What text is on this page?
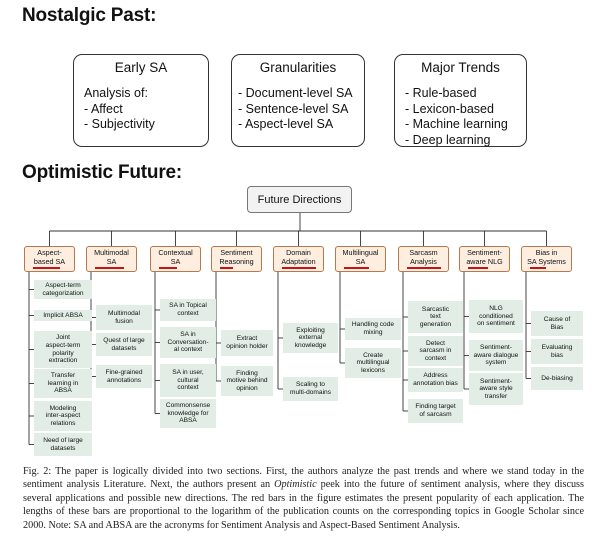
Nostalgic Past:
Early SA
Analysis of:
- Affect
- Subjectivity
Granularities
- Document-level SA
- Sentence-level SA
- Aspect-level SA
Major Trends
- Rule-based
- Lexicon-based
- Machine learning
- Deep learning
Optimistic Future:
Future Directions
Aspect-
based SA
Aspect-term
categorization
Implicit ABSA
Joint
aspect-term
polarity
extraction
Transfer
learning in
ABSA
Modeling
inter-aspect
relations
Need of large
datasets
Multimodal
SA
Multimodal
fusion
Quest of large
datasets
Fine-grained
annotations
Contextual
SA
SA in Topical
context
SA in
Conversation-
al context
SA in user,
cultural
context
Commonsense
knowledge for
ABSA
Sentiment
Reasoning
Extract
opinion holder
Finding
motive behind
opinion
Domain
Adaptation
Exploiting
external
knowledge
Scaling to
multi-domains
Multilingual
SA
Handling code
mixing
Create
multilingual
lexicons
Sarcasm
Analysis
Sarcastic
text
generation
Detect
sarcasm in
context
Address
annotation bias
Finding target
of sarcasm
Sentiment-
aware NLG
NLG
conditioned
on sentiment
Sentiment-
aware dialogue
system
Sentiment-
aware style
transfer
Bias in
SA Systems
Cause of
Bias
Evaluating
bias
De-biasing
Fig. 2: The paper is logically divided into two sections. First, the authors analyze the past trends and where we stand today in the sentiment analysis Literature. Next, the authors present an Optimistic peek into the future of sentiment analysis, where they discuss several applications and possible new directions. The red bars in the figure estimates the present popularity of each application. The lengths of these bars are proportional to the logarithm of the publication counts on the corresponding topics in Google Scholar since 2000. Note: SA and ABSA are the acronyms for Sentiment Analysis and Aspect-Based Sentiment Analysis.
